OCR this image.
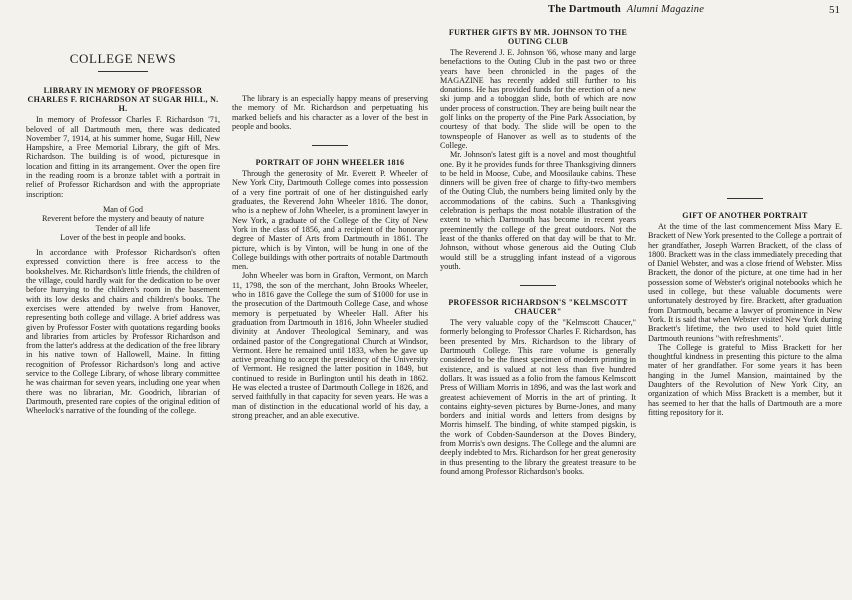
The Dartmouth Alumni Magazine	51
COLLEGE NEWS
LIBRARY IN MEMORY OF PROFESSOR CHARLES F. RICHARDSON AT SUGAR HILL, N. H.

In memory of Professor Charles F. Richardson '71, beloved of all Dartmouth men, there was dedicated November 7, 1914, at his summer home, Sugar Hill, New Hampshire, a Free Memorial Library, the gift of Mrs. Richardson. The building is of wood, picturesque in location and fitting in its arrangement. Over the open fire in the reading room is a bronze tablet with a portrait in relief of Professor Richardson and with the appropriate inscription:

Man of God
Reverent before the mystery and beauty of nature
Tender of all life
Lover of the best in people and books.

In accordance with Professor Richardson's often expressed conviction there is free access to the bookshelves. Mr. Richardson's little friends, the children of the village, could hardly wait for the dedication to be over before hurrying to the children's room in the basement with its low desks and chairs and children's books. The exercises were attended by twelve from Hanover, representing both college and village. A brief address was given by Professor Foster with quotations regarding books and libraries from articles by Professor Richardson and from the latter's address at the dedication of the free library in his native town of Hallowell, Maine. In fitting recognition of Professor Richardson's long and active service to the College Library, of whose library committee he was chairman for seven years, including one year when there was no librarian, Mr. Goodrich, librarian of Dartmouth, presented rare copies of the original edition of Wheelock's narrative of the founding of the college.

The library is an especially happy means of preserving the memory of Mr. Richardson and perpetuating his marked beliefs and his character as a lover of the best in people and books.

PORTRAIT OF JOHN WHEELER 1816

Through the generosity of Mr. Everett P. Wheeler of New York City, Dartmouth College comes into possession of a very fine portrait of one of her distinguished early graduates, the Reverend John Wheeler 1816. The donor, who is a nephew of John Wheeler, is a prominent lawyer in New York, a graduate of the College of the City of New York in the class of 1856, and a recipient of the honorary degree of Master of Arts from Dartmouth in 1861. The picture, which is by Vinton, will be hung in one of the College buildings with other portraits of notable Dartmouth men.

John Wheeler was born in Grafton, Vermont, on March 11, 1798, the son of the merchant, John Brooks Wheeler, who in 1816 gave the College the sum of $1000 for use in the prosecution of the Dartmouth College Case, and whose memory is perpetuated by Wheeler Hall. After his graduation from Dartmouth in 1816, John Wheeler studied divinity at Andover Theological Seminary, and was ordained pastor of the Congregational Church at Windsor, Vermont. Here he remained until 1833, when he gave up active preaching to accept the presidency of the University of Vermont. He resigned the latter position in 1849, but continued to reside in Burlington until his death in 1862. He was elected a trustee of Dartmouth College in 1826, and served faithfully in that capacity for seven years. He was a man of distinction in the educational world of his day, a strong preacher, and an able executive.

FURTHER GIFTS BY MR. JOHNSON TO THE OUTING CLUB

The Reverend J. E. Johnson '66, whose many and large benefactions to the Outing Club in the past two or three years have been chronicled in the pages of the MAGAZINE has recently added still further to his donations. He has provided funds for the erection of a new ski jump and a toboggan slide, both of which are now under process of construction. They are being built near the golf links on the property of the Pine Park Association, by courtesy of that body. The slide will be open to the townspeople of Hanover as well as to students of the College.

Mr. Johnson's latest gift is a novel and most thoughtful one. By it he provides funds for three Thanksgiving dinners to be held in Moose, Cube, and Moosilauke cabins. These dinners will be given free of charge to fifty-two members of the Outing Club, the numbers being limited only by the accommodations of the cabins. Such a Thanksgiving celebration is perhaps the most notable illustration of the extent to which Dartmouth has become in recent years preeminently the college of the great outdoors. Not the least of the thanks offered on that day will be that to Mr. Johnson, without whose generous aid the Outing Club would still be a struggling infant instead of a vigorous youth.

PROFESSOR RICHARDSON'S "KELMSCOTT CHAUCER"

The very valuable copy of the "Kelmscott Chaucer," formerly belonging to Professor Charles F. Richardson, has been presented by Mrs. Richardson to the library of Dartmouth College. This rare volume is generally considered to be the finest specimen of modern printing in existence, and is valued at not less than five hundred dollars. It was issued as a folio from the famous Kelmscott Press of William Morris in 1896, and was the last work and greatest achievement of Morris in the art of printing. It contains eighty-seven pictures by Burne-Jones, and many borders and initial words and letters from designs by Morris himself. The binding, of white stamped pigskin, is the work of Cobden-Saunderson at the Doves Bindery, from Morris's own designs. The College and the alumni are deeply indebted to Mrs. Richardson for her great generosity in thus presenting to the library the greatest treasure to be found among Professor Richardson's books.

GIFT OF ANOTHER PORTRAIT

At the time of the last commencement Miss Mary E. Brackett of New York presented to the College a portrait of her grandfather, Joseph Warren Brackett, of the class of 1800. Brackett was in the class immediately preceding that of Daniel Webster, and was a close friend of Webster. Miss Brackett, the donor of the picture, at one time had in her possession some of Webster's original notebooks which he used in college, but these valuable documents were unfortunately destroyed by fire. Brackett, after graduation from Dartmouth, became a lawyer of prominence in New York. It is said that when Webster visited New York during Brackett's lifetime, the two used to hold quiet little Dartmouth reunions "with refreshments".

The College is grateful to Miss Brackett for her thoughtful kindness in presenting this picture to the alma mater of her grandfather. For some years it has been hanging in the Jumel Mansion, maintained by the Daughters of the Revolution of New York City, an organization of which Miss Brackett is a member, but it has seemed to her that the halls of Dartmouth are a more fitting repository for it.
